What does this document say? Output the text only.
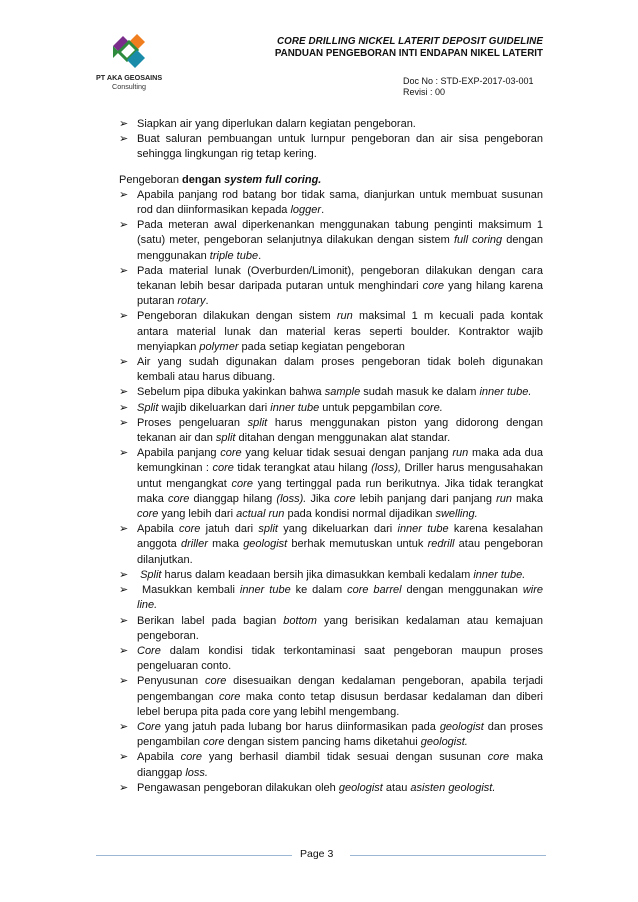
PT AKA GEOSAINS
Consulting
CORE DRILLING NICKEL LATERIT DEPOSIT GUIDELINE
PANDUAN PENGEBORAN INTI ENDAPAN NIKEL LATERIT
Doc No : STD-EXP-2017-03-001
Revisi : 00
➢ Siapkan air yang diperlukan dalarn kegiatan pengeboran.
➢ Buat saluran pembuangan untuk lurnpur pengeboran dan air sisa pengeboran sehingga lingkungan rig tetap kering.

Pengeboran dengan system full coring.

➢ Apabila panjang rod batang bor tidak sama, dianjurkan untuk membuat susunan rod dan diinformasikan kepada logger.
➢ Pada meteran awal diperkenankan menggunakan tabung penginti maksimum 1 (satu) meter, pengeboran selanjutnya dilakukan dengan sistem full coring dengan menggunakan triple tube.
➢ Pada material lunak (Overburden/Limonit), pengeboran dilakukan dengan cara tekanan lebih besar daripada putaran untuk menghindari core yang hilang karena putaran rotary.
➢ Pengeboran dilakukan dengan sistem run maksimal 1 m kecuali pada kontak antara material lunak dan material keras seperti boulder. Kontraktor wajib menyiapkan polymer pada setiap kegiatan pengeboran
➢ Air yang sudah digunakan dalam proses pengeboran tidak boleh digunakan kembali atau harus dibuang.
➢ Sebelum pipa dibuka yakinkan bahwa sample sudah masuk ke dalam inner tube.
➢ Split wajib dikeluarkan dari inner tube untuk pepgambilan core.
➢ Proses pengeluaran split harus menggunakan piston yang didorong dengan tekanan air dan split ditahan dengan menggunakan alat standar.
➢ Apabila panjang core yang keluar tidak sesuai dengan panjang run maka ada dua kemungkinan : core tidak terangkat atau hilang (loss), Driller harus mengusahakan untut mengangkat core yang tertinggal pada run berikutnya. Jika tidak terangkat maka core dianggap hilang (loss). Jika core lebih panjang dari panjang run maka core yang lebih dari actual run pada kondisi normal dijadikan swelling.
➢ Apabila core jatuh dari split yang dikeluarkan dari inner tube karena kesalahan anggota driller maka geologist berhak memutuskan untuk redrill atau pengeboran dilanjutkan.
➢	Split harus dalam keadaan bersih jika dimasukkan kembali kedalam inner tube.
➢ Masukkan kembali inner tube ke dalam core barrel dengan menggunakan wire line.
➢ Berikan label pada bagian bottom yang berisikan kedalaman atau kemajuan pengeboran.
➢ Core dalam kondisi tidak terkontaminasi saat pengeboran maupun proses pengeluaran conto.
➢ Penyusunan core disesuaikan dengan kedalaman pengeboran, apabila terjadi pengembangan core maka conto tetap disusun berdasar kedalaman dan diberi lebel berupa pita pada core yang lebihl mengembang.
➢ Core yang jatuh pada lubang bor harus diinformasikan pada geologist dan proses pengambilan core dengan sistem pancing hams diketahui geologist.
➢ Apabila core yang berhasil diambil tidak sesuai dengan susunan core maka dianggap loss.
➢ Pengawasan pengeboran dilakukan oleh geologist atau asisten geologist.
Page 3
